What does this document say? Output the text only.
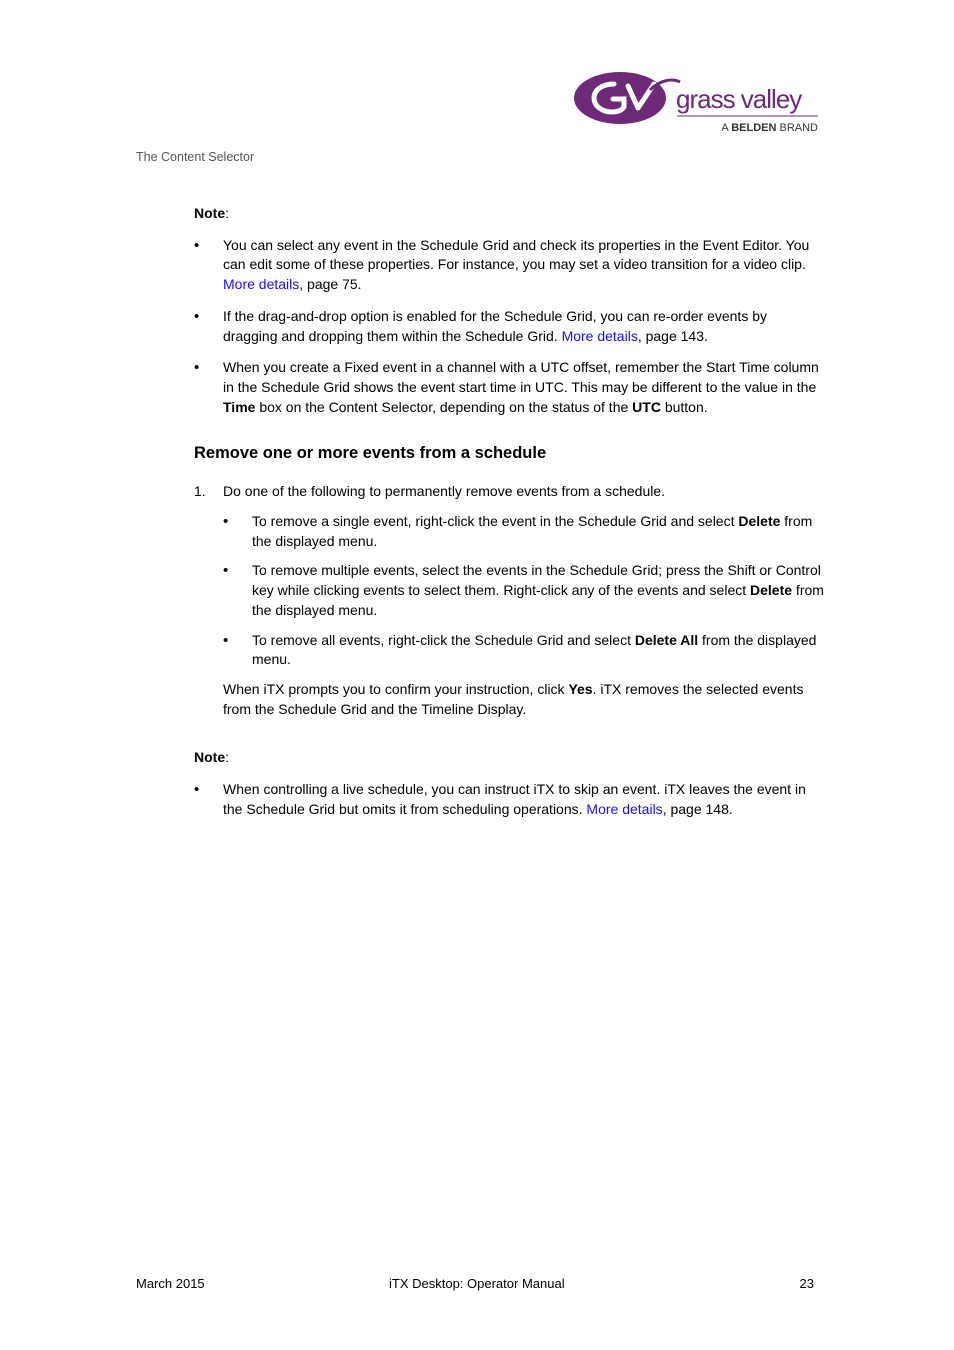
grass valley
A BELDEN BRAND
The Content Selector
Note:
• You can select any event in the Schedule Grid and check its properties in the Event Editor. You can edit some of these properties. For instance, you may set a video transition for a video clip. More details, page 75.
• If the drag-and-drop option is enabled for the Schedule Grid, you can re-order events by dragging and dropping them within the Schedule Grid. More details, page 143.
• When you create a Fixed event in a channel with a UTC offset, remember the Start Time column in the Schedule Grid shows the event start time in UTC. This may be different to the value in the Time box on the Content Selector, depending on the status of the UTC button.
Remove one or more events from a schedule
1. Do one of the following to permanently remove events from a schedule.
• To remove a single event, right-click the event in the Schedule Grid and select Delete from the displayed menu.
• To remove multiple events, select the events in the Schedule Grid; press the Shift or Control key while clicking events to select them. Right-click any of the events and select Delete from the displayed menu.
• To remove all events, right-click the Schedule Grid and select Delete All from the displayed menu.
When iTX prompts you to confirm your instruction, click Yes. iTX removes the selected events from the Schedule Grid and the Timeline Display.
Note:
• When controlling a live schedule, you can instruct iTX to skip an event. iTX leaves the event in the Schedule Grid but omits it from scheduling operations. More details, page 148.
March 2015	iTX Desktop: Operator Manual	23
